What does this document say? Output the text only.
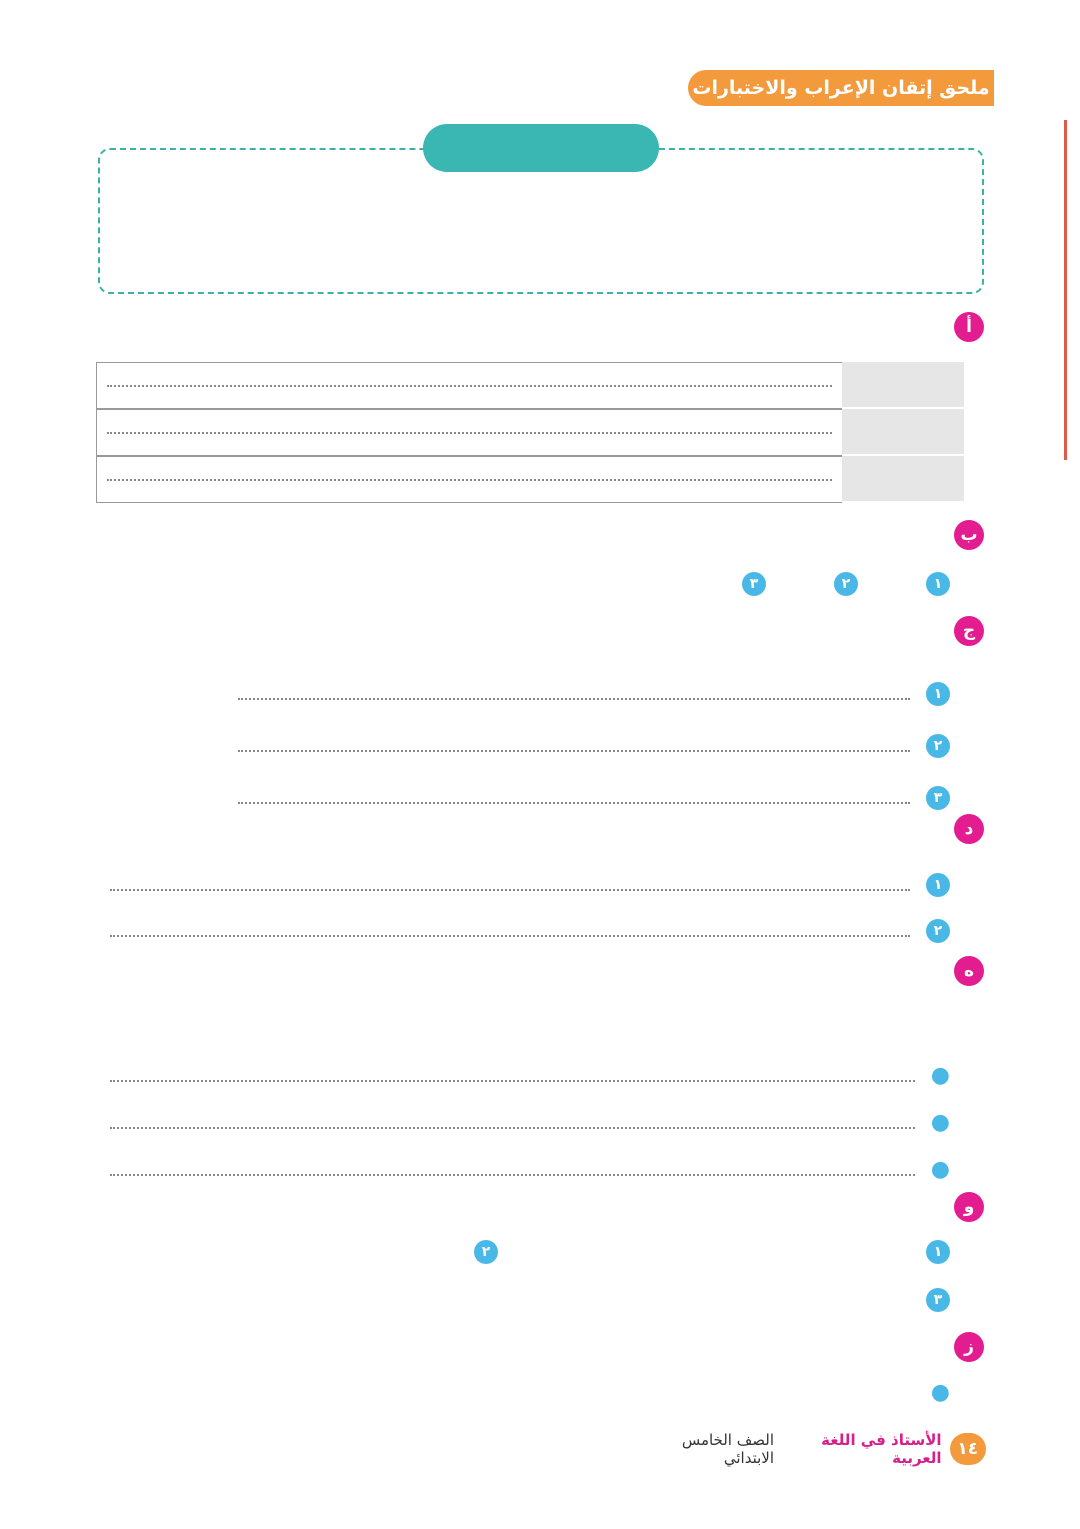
ملحق إتقان الإعراب والاختبارات
أ
ب
١
٢
٣
ج
١
٢
٣
د
١
٢
ه
●
●
●
و
١
٢
٣
ز
●
١٤
الأستاذ في اللغة العربية
الصف الخامس الابتدائي
